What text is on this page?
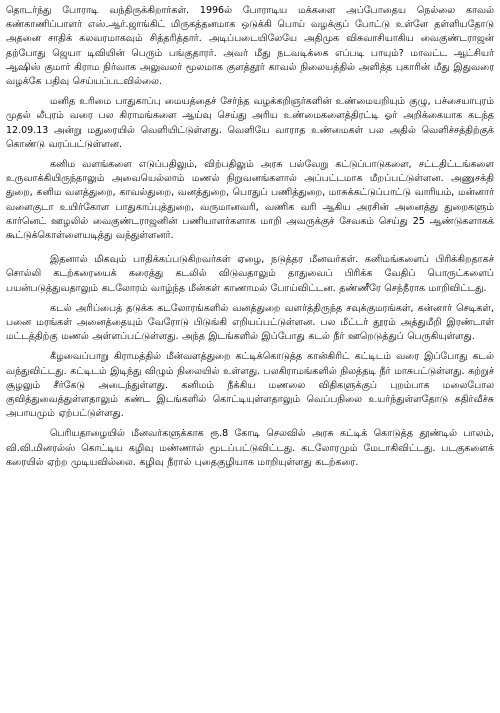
தொடர்ந்து போராடி வந்திருக்கிறார்கள். 1996ல் போராடிய மக்களை அப்போதைய நெல்லை காவல் கண்காணிப்பாளர் எஸ்.ஆர்.ஜாங்கிட் மிருகத்தனமாக ஒடுக்கி பொய் வழக்குப் போட்டு உள்ளே தள்ளியதோடு அதனை சாதிக் கலவரமாகவும் சித்தரித்தார். அடிப்படையிலேயே அதிமுக விசுவாசியாகிய வைகுண்டராஜன் தற்போது ஜெயா டிவியின் பெரும் பங்குதாரர். அவர் மீது நடவடிக்கை எப்படி பாயும்? மாவட்ட ஆட்சியர் ஆஷிஸ் குமார் கிராம நிர்வாக அலுவலர் மூலமாக குளத்தூர் காவல் நிலையத்தில் அளித்த புகாரின் மீது இதுவரை வழக்கே பதிவு செய்யப்படவில்லை.

மனித உரிமை பாதுகாப்பு மையத்தைச் சேர்ந்த வழக்கறிஞர்களின் உண்மையறியும் குழு, பச்சையாபுரம் முதல் லீபுரம் வரை பல கிராமங்களை ஆய்வு செய்து அரிய உண்மைகளைத்திரட்டி ஓர் அறிக்கையாக கடந்த 12.09.13 அன்று மதுரையில் வெளியிட்டுள்ளது. வெளியே வாராத உண்மைகள் பல அதில் வெளிச்சத்திற்குக் கொண்டு வரப்பட்டுள்ளன.

கனிம வளங்களை எடுப்பதிலும், விற்பதிலும் அரசு பல்வேறு கட்டுப்பாடுகளை, சட்டதிட்டங்களை உருவாக்கியிருந்தாலும் அவையெல்லாம் மணல் நிறுவனங்களால் அப்பட்டமாக மீறப்பட்டுள்ளன. அணுசக்தி துறை, கனிம வளத்துறை, காவல்துறை, வனத்துறை, பொதுப் பணித்துறை, மாசுக்கட்டுப்பாட்டு வாரியம், மன்னார் வளைகுடா உயிர்கோள பாதுகாப்புத்துறை, வருமானவரி, வணிக வரி ஆகிய அரசின் அனைத்து துறைகளும் கார்னெட் ஊழலில் வைகுண்டராஜனின் பணியாளர்களாக மாறி அவருக்குச் சேவகம் செய்து 25 ஆண்டுகளாகக் கூட்டுக்கொள்ளையடித்து வந்துள்ளனர்.

இதனால் மிகவும் பாதிக்கப்படுகிறவர்கள் ஏழை, நடுத்தர மீனவர்கள். கனிமங்களைப் பிரிக்கிறதாகச் சொல்லி கடற்கரையைக் கரைத்து கடலில் விடுவதாலும் தாதுவைப் பிரிக்க வேதிப் பொருட்களைப் பயன்படுத்துவதாலும் கடலோரம் வாழ்ந்த மீன்கள் காணாமல் போய்விட்டன. தண்ணீரே செந்நீராக மாறிவிட்டது.

கடல் அரிப்பைத் தடுக்க கடலோரங்களில் வனத்துறை வளர்த்திருந்த சவுக்குமரங்கள், கன்னார் செடிகள், பனை மரங்கள் அனைத்தையும் வேரோடு பிடுங்கி எறியப்பட்டுள்ளன. பல மீட்டர் தூரம் அத்துமீறி இரண்டாள் மட்டத்திற்கு மணல் அள்ளப்பட்டுள்ளது. அந்த இடங்களில் இப்போது கடல் நீர் ஊறெடுத்துப் பெருகியுள்ளது.

கீழவைப்பாறு கிராமத்தில் மீன்வளத்துறை கட்டிக்கொடுத்த கான்கிரிட் கட்டிடம் வரை இப்போது கடல் வந்துவிட்டது. கட்டிடம் இடிந்து விழும் நிலையில் உள்ளது. பலகிராமங்களில் நிலத்தடி நீர் மாசுபட்டுள்ளது. சுற்றுச் சூழலும் சீர்கேடு அடைந்துள்ளது. கனிமம் நீக்கிய மணலை விதிகளுக்குப் புறம்பாக மலைபோல குவித்துவைத்துள்ளதாலும் கண்ட இடங்களில் கொட்டியுள்ளதாலும் வெப்பநிலை உயர்ந்துள்ளதோடு கதிர்வீச்சு அபாயமும் ஏற்பட்டுள்ளது.

பெரியதாழையில் மீனவர்களுக்காக ரூ.8 கோடி செலவில் அரசு கட்டிக் கொடுத்த தூண்டில் பாலம், வி.வி.மினரல்ஸ் கொட்டிய கழிவு மண்ணால் மூடப்பட்டுவிட்டது. கடலோரமும் மேடாகிவிட்டது. படகுகளைக் கரையில் ஏற்ற முடியவில்லை. கழிவு நீரால் புதைகுழியாக மாறியுள்ளது கடற்கரை.
